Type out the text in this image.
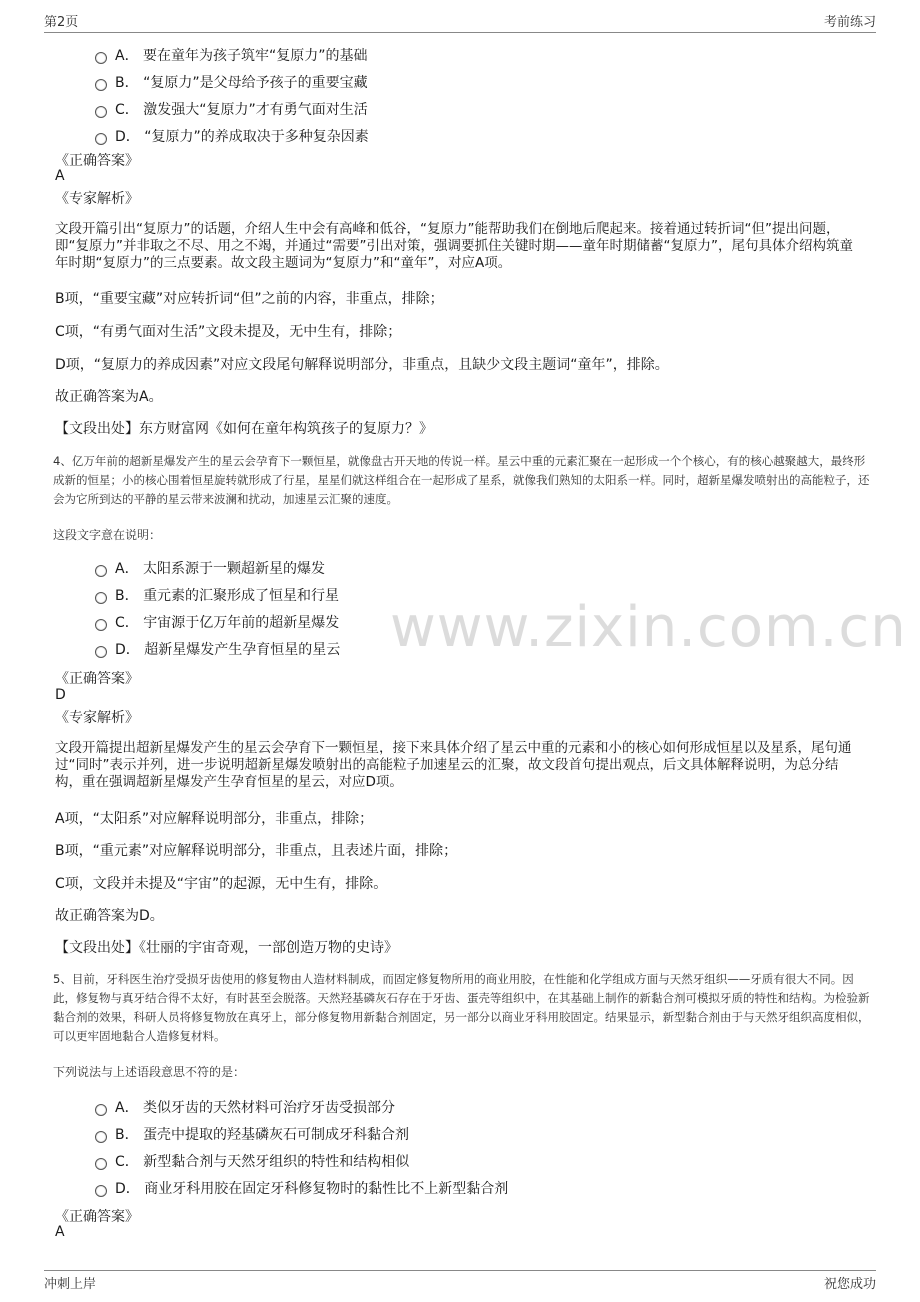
第2页	考前练习
www.zixin.com.cn
A．
要在童年为孩子筑牢“复原力”的基础
B．
“复原力”是父母给予孩子的重要宝藏
C．
激发强大“复原力”才有勇气面对生活
D．
“复原力”的养成取决于多种复杂因素
《正确答案》
A
《专家解析》
文段开篇引出“复原力”的话题，介绍人生中会有高峰和低谷，“复原力”能帮助我们在倒地后爬起来。接着通过转折词“但”提出问题，即“复原力”并非取之不尽、用之不竭，并通过“需要”引出对策，强调要抓住关键时期——童年时期储蓄“复原力”，尾句具体介绍构筑童年时期“复原力”的三点要素。故文段主题词为“复原力”和“童年”，对应A项。
B项，“重要宝藏”对应转折词“但”之前的内容，非重点，排除；
C项，“有勇气面对生活”文段未提及，无中生有，排除；
D项，“复原力的养成因素”对应文段尾句解释说明部分，非重点，且缺少文段主题词“童年”，排除。
故正确答案为A。
【文段出处】东方财富网《如何在童年构筑孩子的复原力？》
4、亿万年前的超新星爆发产生的星云会孕育下一颗恒星，就像盘古开天地的传说一样。星云中重的元素汇聚在一起形成一个个核心，有的核心越聚越大，最终形成新的恒星；小的核心围着恒星旋转就形成了行星，星星们就这样组合在一起形成了星系，就像我们熟知的太阳系一样。同时，超新星爆发喷射出的高能粒子，还会为它所到达的平静的星云带来波澜和扰动，加速星云汇聚的速度。
这段文字意在说明：
A．
太阳系源于一颗超新星的爆发
B．
重元素的汇聚形成了恒星和行星
C．
宇宙源于亿万年前的超新星爆发
D．
超新星爆发产生孕育恒星的星云
《正确答案》
D
《专家解析》
文段开篇提出超新星爆发产生的星云会孕育下一颗恒星，接下来具体介绍了星云中重的元素和小的核心如何形成恒星以及星系，尾句通过“同时”表示并列，进一步说明超新星爆发喷射出的高能粒子加速星云的汇聚，故文段首句提出观点，后文具体解释说明，为总分结构，重在强调超新星爆发产生孕育恒星的星云，对应D项。
A项，“太阳系”对应解释说明部分，非重点，排除；
B项，“重元素”对应解释说明部分，非重点，且表述片面，排除；
C项，文段并未提及“宇宙”的起源，无中生有，排除。
故正确答案为D。
【文段出处】《壮丽的宇宙奇观，一部创造万物的史诗》
5、目前，牙科医生治疗受损牙齿使用的修复物由人造材料制成，而固定修复物所用的商业用胶，在性能和化学组成方面与天然牙组织——牙质有很大不同。因此，修复物与真牙结合得不太好，有时甚至会脱落。天然羟基磷灰石存在于牙齿、蛋壳等组织中，在其基础上制作的新黏合剂可模拟牙质的特性和结构。为检验新黏合剂的效果，科研人员将修复物放在真牙上，部分修复物用新黏合剂固定，另一部分以商业牙科用胶固定。结果显示，新型黏合剂由于与天然牙组织高度相似，可以更牢固地黏合人造修复材料。
下列说法与上述语段意思不符的是：
A．
类似牙齿的天然材料可治疗牙齿受损部分
B．
蛋壳中提取的羟基磷灰石可制成牙科黏合剂
C．
新型黏合剂与天然牙组织的特性和结构相似
D．
商业牙科用胶在固定牙科修复物时的黏性比不上新型黏合剂
《正确答案》
A
冲刺上岸	祝您成功
